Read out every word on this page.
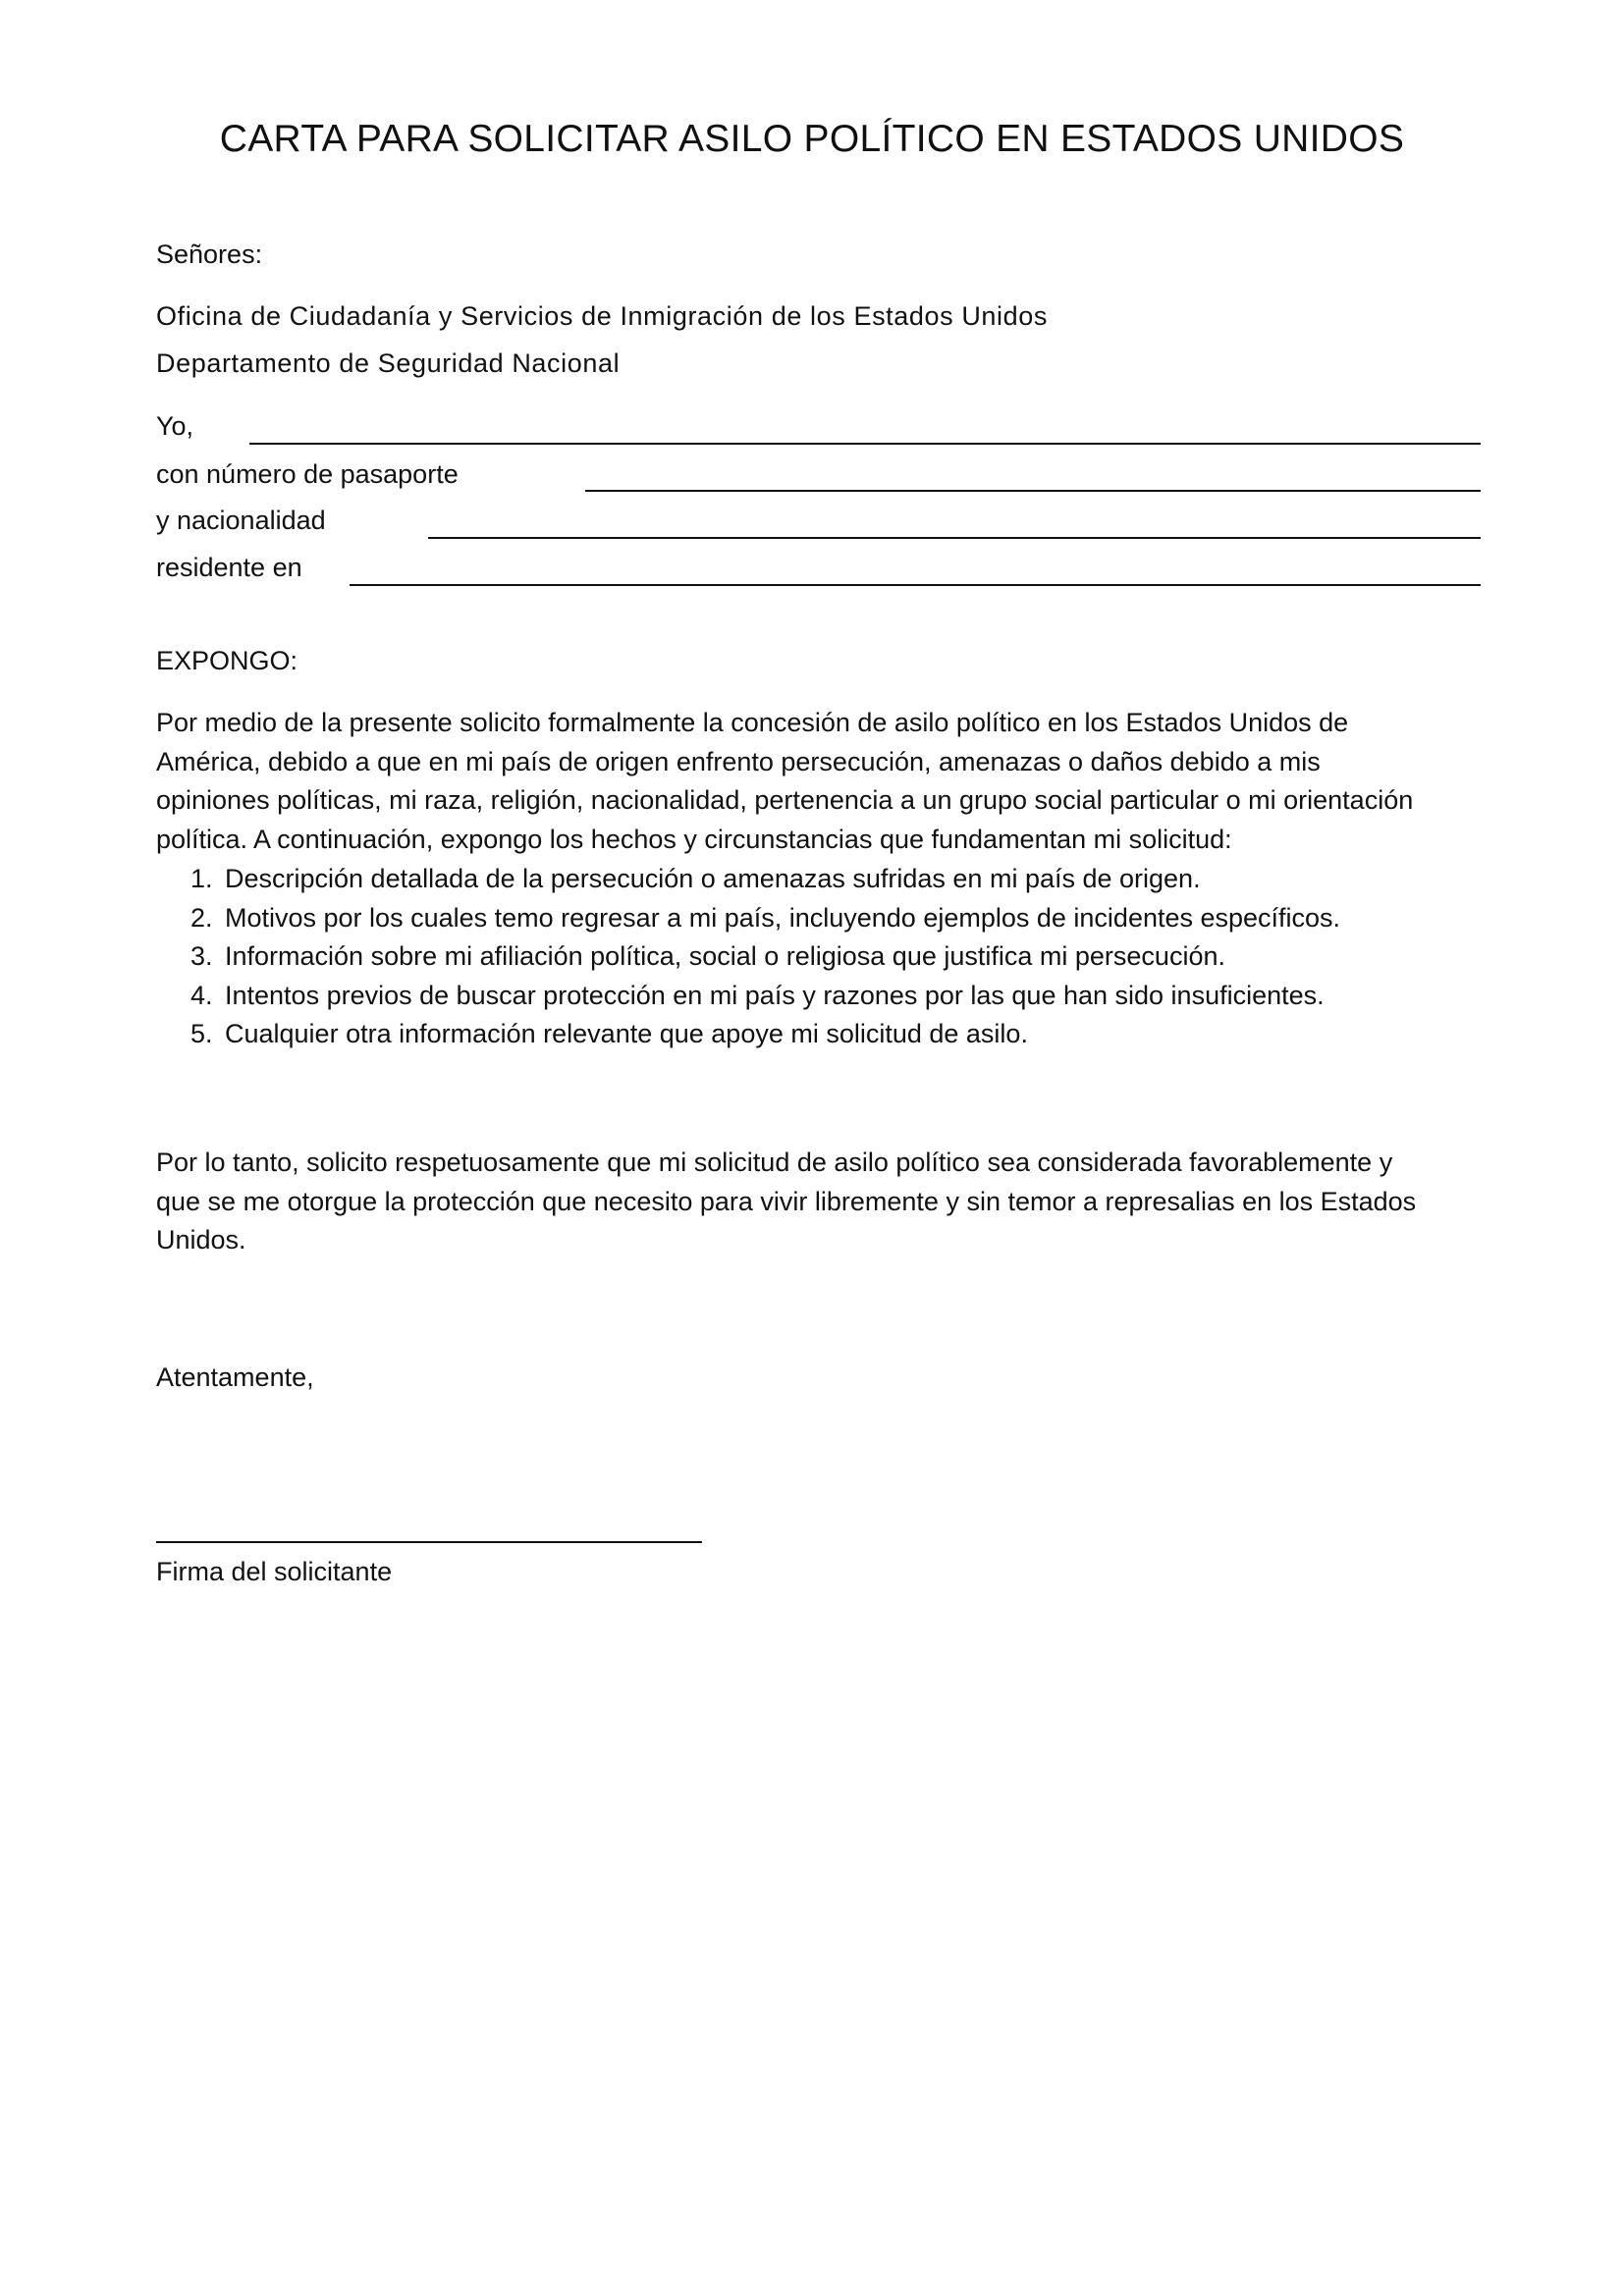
CARTA PARA SOLICITAR ASILO POLÍTICO EN ESTADOS UNIDOS
Señores:
Oficina de Ciudadanía y Servicios de Inmigración de los Estados Unidos
Departamento de Seguridad Nacional
Yo,
con número de pasaporte
y nacionalidad
residente en
EXPONGO:
Por medio de la presente solicito formalmente la concesión de asilo político en los Estados Unidos de
América, debido a que en mi país de origen enfrento persecución, amenazas o daños debido a mis
opiniones políticas, mi raza, religión, nacionalidad, pertenencia a un grupo social particular o mi orientación
política. A continuación, expongo los hechos y circunstancias que fundamentan mi solicitud:
1. Descripción detallada de la persecución o amenazas sufridas en mi país de origen.
2. Motivos por los cuales temo regresar a mi país, incluyendo ejemplos de incidentes específicos.
3. Información sobre mi afiliación política, social o religiosa que justifica mi persecución.
4. Intentos previos de buscar protección en mi país y razones por las que han sido insuficientes.
5. Cualquier otra información relevante que apoye mi solicitud de asilo.
Por lo tanto, solicito respetuosamente que mi solicitud de asilo político sea considerada favorablemente y
que se me otorgue la protección que necesito para vivir libremente y sin temor a represalias en los Estados
Unidos.
Atentamente,
Firma del solicitante
